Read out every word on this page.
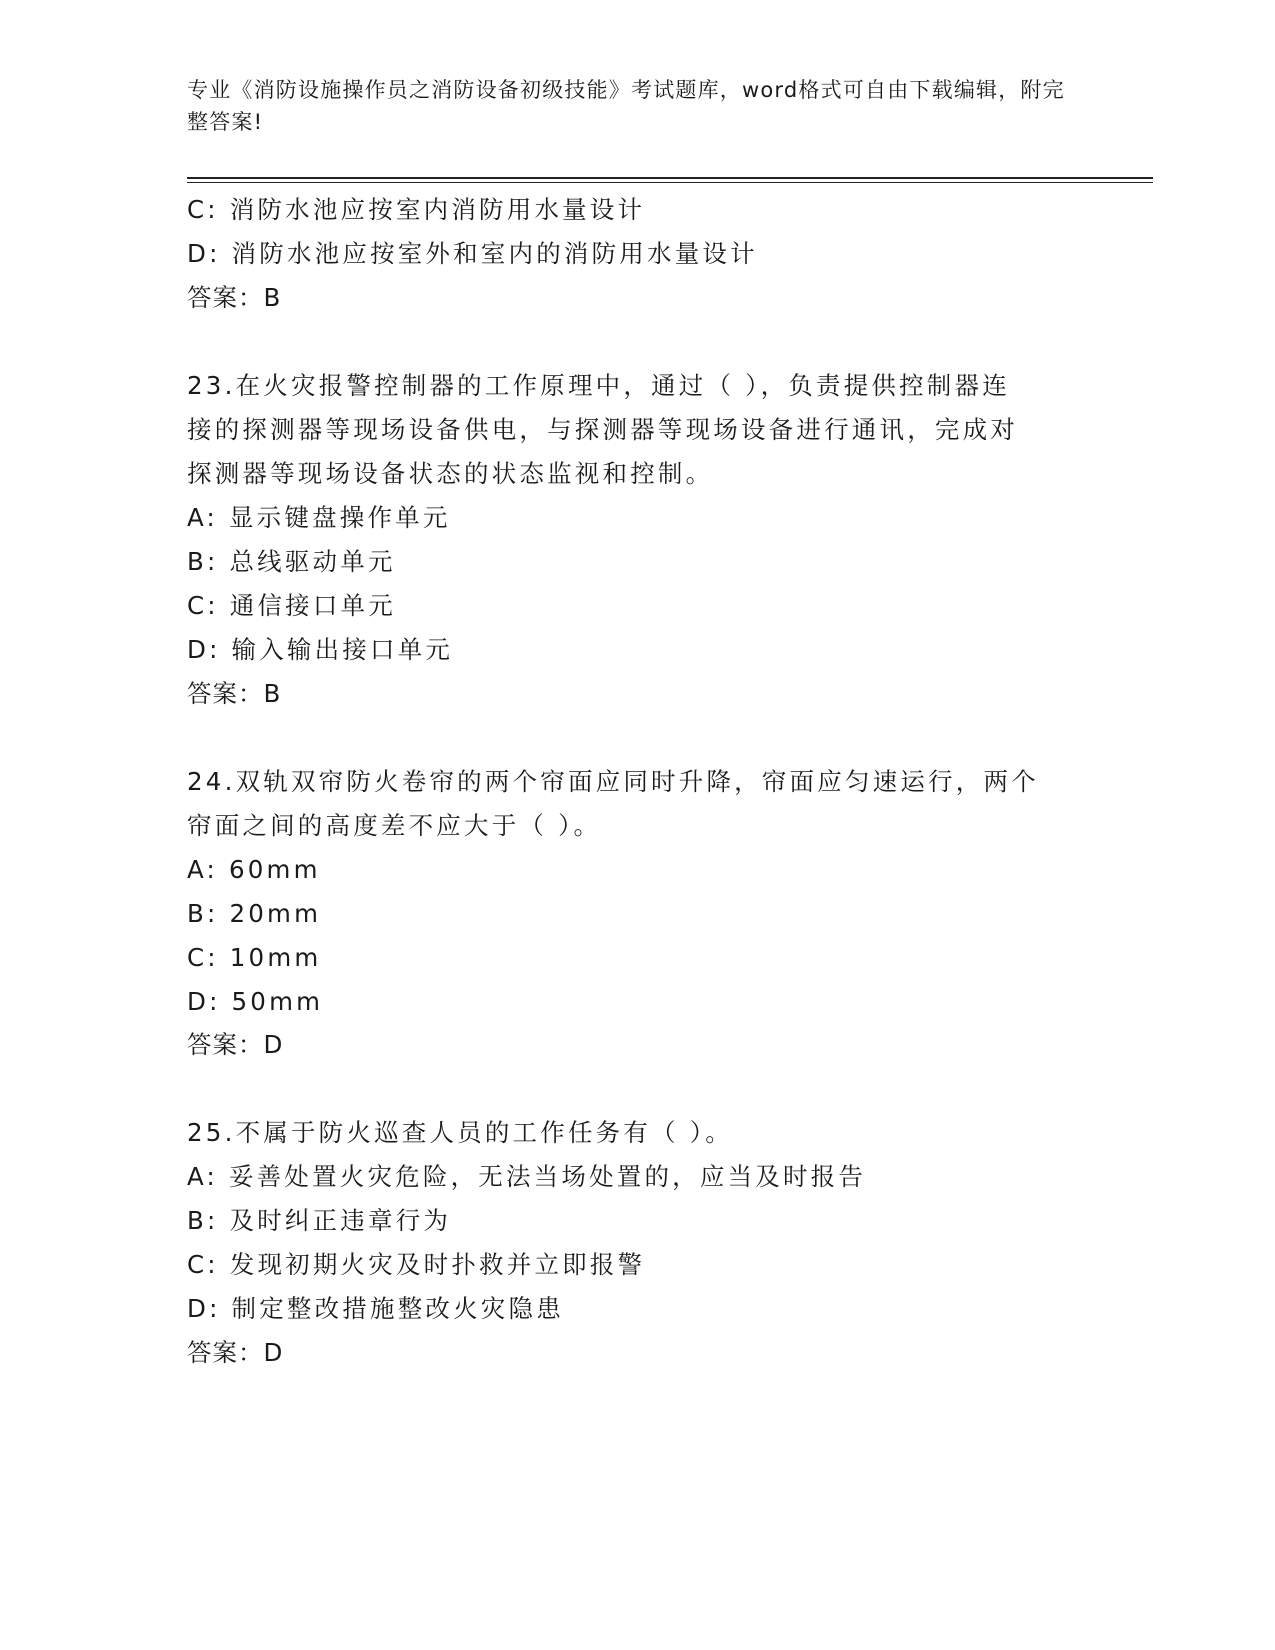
专业《消防设施操作员之消防设备初级技能》考试题库，word格式可自由下载编辑，附完整答案!
C: 消防水池应按室内消防用水量设计
D: 消防水池应按室外和室内的消防用水量设计
答案：B
23.在火灾报警控制器的工作原理中，通过（ ），负责提供控制器连
接的探测器等现场设备供电，与探测器等现场设备进行通讯，完成对
探测器等现场设备状态的状态监视和控制。
A: 显示键盘操作单元
B: 总线驱动单元
C: 通信接口单元
D: 输入输出接口单元
答案：B
24.双轨双帘防火卷帘的两个帘面应同时升降，帘面应匀速运行，两个
帘面之间的高度差不应大于（ ）。
A: 60mm
B: 20mm
C: 10mm
D: 50mm
答案：D
25.不属于防火巡查人员的工作任务有（ ）。
A: 妥善处置火灾危险，无法当场处置的，应当及时报告
B: 及时纠正违章行为
C: 发现初期火灾及时扑救并立即报警
D: 制定整改措施整改火灾隐患
答案：D
